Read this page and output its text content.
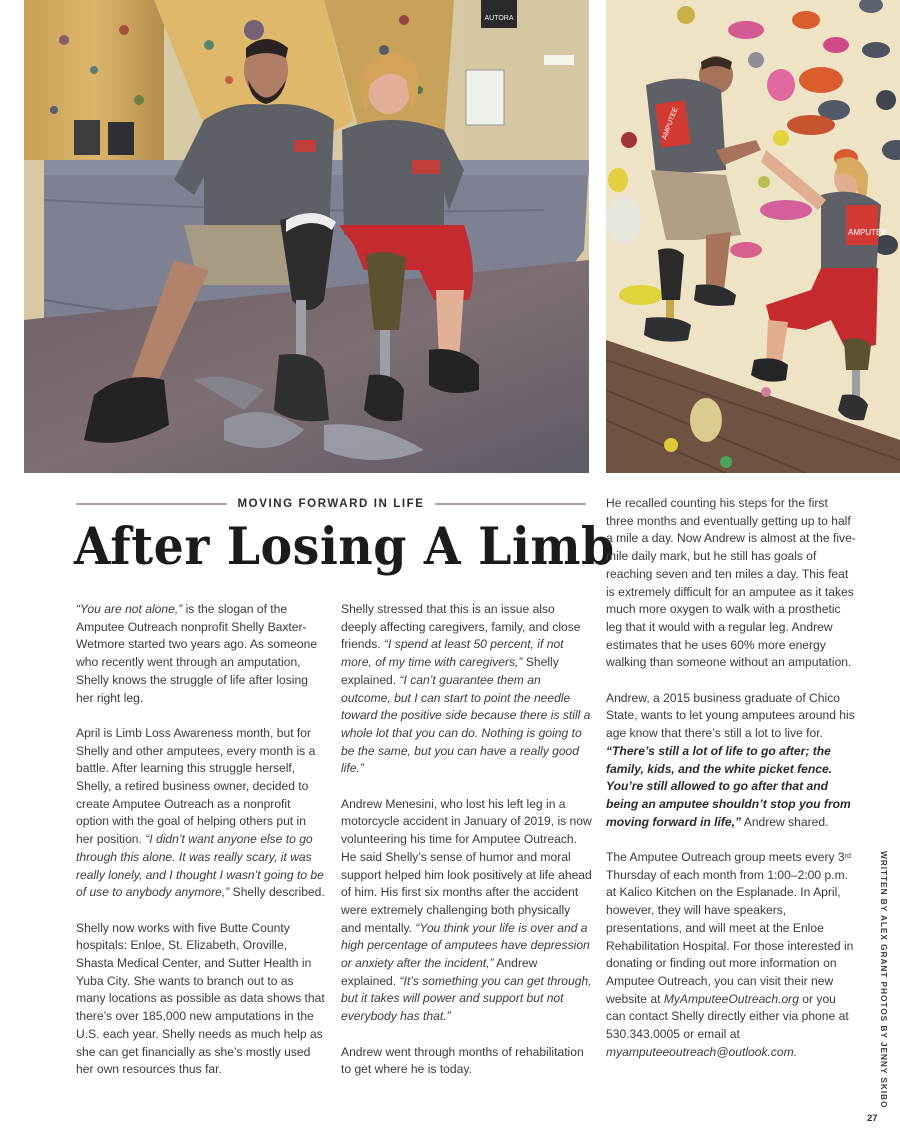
AUTORA
AMPUTEE
AMPUTEE
MOVING FORWARD IN LIFE
After Losing A Limb

“You are not alone,” is the slogan of the Amputee Outreach nonprofit Shelly Baxter-Wetmore started two years ago. As someone who recently went through an amputation, Shelly knows the struggle of life after losing her right leg.

April is Limb Loss Awareness month, but for Shelly and other amputees, every month is a battle. After learning this struggle herself, Shelly, a retired business owner, decided to create Amputee Outreach as a nonprofit option with the goal of helping others put in her position. “I didn’t want anyone else to go through this alone. It was really scary, it was really lonely, and I thought I wasn’t going to be of use to anybody anymore,” Shelly described.

Shelly now works with five Butte County hospitals: Enloe, St. Elizabeth, Oroville, Shasta Medical Center, and Sutter Health in Yuba City. She wants to branch out to as many locations as possible as data shows that there’s over 185,000 new amputations in the U.S. each year. Shelly needs as much help as she can get financially as she’s mostly used her own resources thus far.

Shelly stressed that this is an issue also deeply affecting caregivers, family, and close friends. “I spend at least 50 percent, if not more, of my time with caregivers,” Shelly explained. “I can’t guarantee them an outcome, but I can start to point the needle toward the positive side because there is still a whole lot that you can do. Nothing is going to be the same, but you can have a really good life.”

Andrew Menesini, who lost his left leg in a motorcycle accident in January of 2019, is now volunteering his time for Amputee Outreach. He said Shelly’s sense of humor and moral support helped him look positively at life ahead of him. His first six months after the accident were extremely challenging both physically and mentally. “You think your life is over and a high percentage of amputees have depression or anxiety after the incident,” Andrew explained. “It’s something you can get through, but it takes will power and support but not everybody has that.”

Andrew went through months of rehabilitation to get where he is today.

He recalled counting his steps for the first three months and eventually getting up to half a mile a day. Now Andrew is almost at the five-mile daily mark, but he still has goals of reaching seven and ten miles a day. This feat is extremely difficult for an amputee as it takes much more oxygen to walk with a prosthetic leg that it would with a regular leg. Andrew estimates that he uses 60% more energy walking than someone without an amputation.

Andrew, a 2015 business graduate of Chico State, wants to let young amputees around his age know that there’s still a lot to live for. “There’s still a lot of life to go after; the family, kids, and the white picket fence. You’re still allowed to go after that and being an amputee shouldn’t stop you from moving forward in life,” Andrew shared.

The Amputee Outreach group meets every 3rd Thursday of each month from 1:00–2:00 p.m. at Kalico Kitchen on the Esplanade. In April, however, they will have speakers, presentations, and will meet at the Enloe Rehabilitation Hospital. For those interested in donating or finding out more information on Amputee Outreach, you can visit their new website at MyAmputeeOutreach.org or you can contact Shelly directly either via phone at 530.343.0005 or email at myamputeeoutreach@outlook.com.	WRITTEN BY ALEX GRANT PHOTOS BY JENNY SKIBO
27
